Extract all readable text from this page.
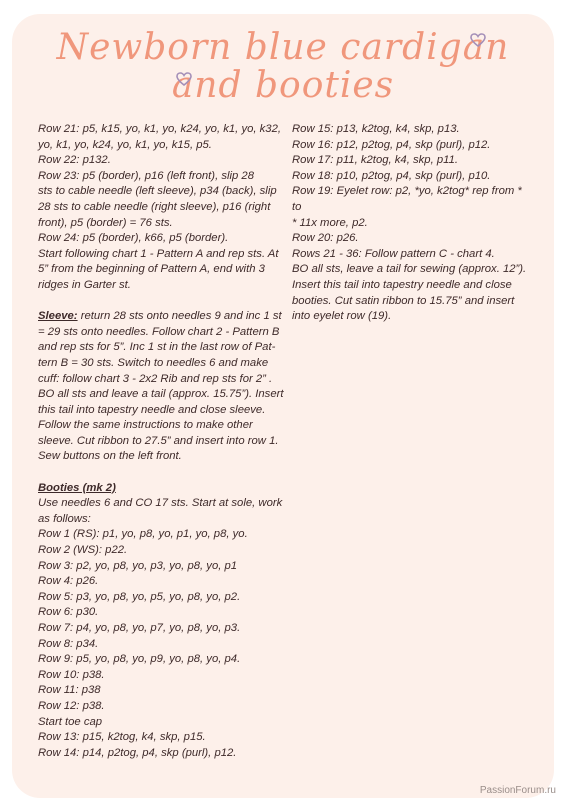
Newborn blue cardigan
and booties

Row 21: p5, k15, yo, k1, yo, k24, yo, k1, yo, k32,

yo, k1, yo, k24, yo, k1, yo, k15, p5.

Row 22: p132.

Row 23: p5 (border), p16 (left front), slip 28

sts to cable needle (left sleeve), p34 (back), slip

28 sts to cable needle (right sleeve), p16 (right

front), p5 (border) = 76 sts.

Row 24: p5 (border), k66, p5 (border).

Start following chart 1 - Pattern A and rep sts. At

5” from the beginning of Pattern A, end with 3

ridges in Garter st.

Sleeve: return 28 sts onto needles 9 and inc 1 st

= 29 sts onto needles. Follow chart 2 - Pattern B

and rep sts for 5”. Inc 1 st in the last row of Pat-

tern B = 30 sts. Switch to needles 6 and make

cuff: follow chart 3 - 2x2 Rib and rep sts for 2” .

BO all sts and leave a tail (approx. 15.75”). Insert

this tail into tapestry needle and close sleeve.

Follow the same instructions to make other

sleeve. Cut ribbon to 27.5” and insert into row 1.

Sew buttons on the left front.

Booties (mk 2)

Use needles 6 and CO 17 sts. Start at sole, work

as follows:

Row 1 (RS): p1, yo, p8, yo, p1, yo, p8, yo.

Row 2 (WS): p22.

Row 3: p2, yo, p8, yo, p3, yo, p8, yo, p1

Row 4: p26.

Row 5: p3, yo, p8, yo, p5, yo, p8, yo, p2.

Row 6: p30.

Row 7: p4, yo, p8, yo, p7, yo, p8, yo, p3.

Row 8: p34.

Row 9: p5, yo, p8, yo, p9, yo, p8, yo, p4.

Row 10: p38.

Row 11: p38

Row 12: p38.

Start toe cap

Row 13: p15, k2tog, k4, skp, p15.

Row 14: p14, p2tog, p4, skp (purl), p12.

Row 15: p13, k2tog, k4, skp, p13.

Row 16: p12, p2tog, p4, skp (purl), p12.

Row 17: p11, k2tog, k4, skp, p11.

Row 18: p10, p2tog, p4, skp (purl), p10.

Row 19: Eyelet row: p2, *yo, k2tog* rep from * to

* 11x more, p2.

Row 20: p26.

Rows 21 - 36: Follow pattern C - chart 4.

BO all sts, leave a tail for sewing (approx. 12”).

Insert this tail into tapestry needle and close

booties. Cut satin ribbon to 15.75” and insert

into eyelet row (19).

PassionForum.ru
